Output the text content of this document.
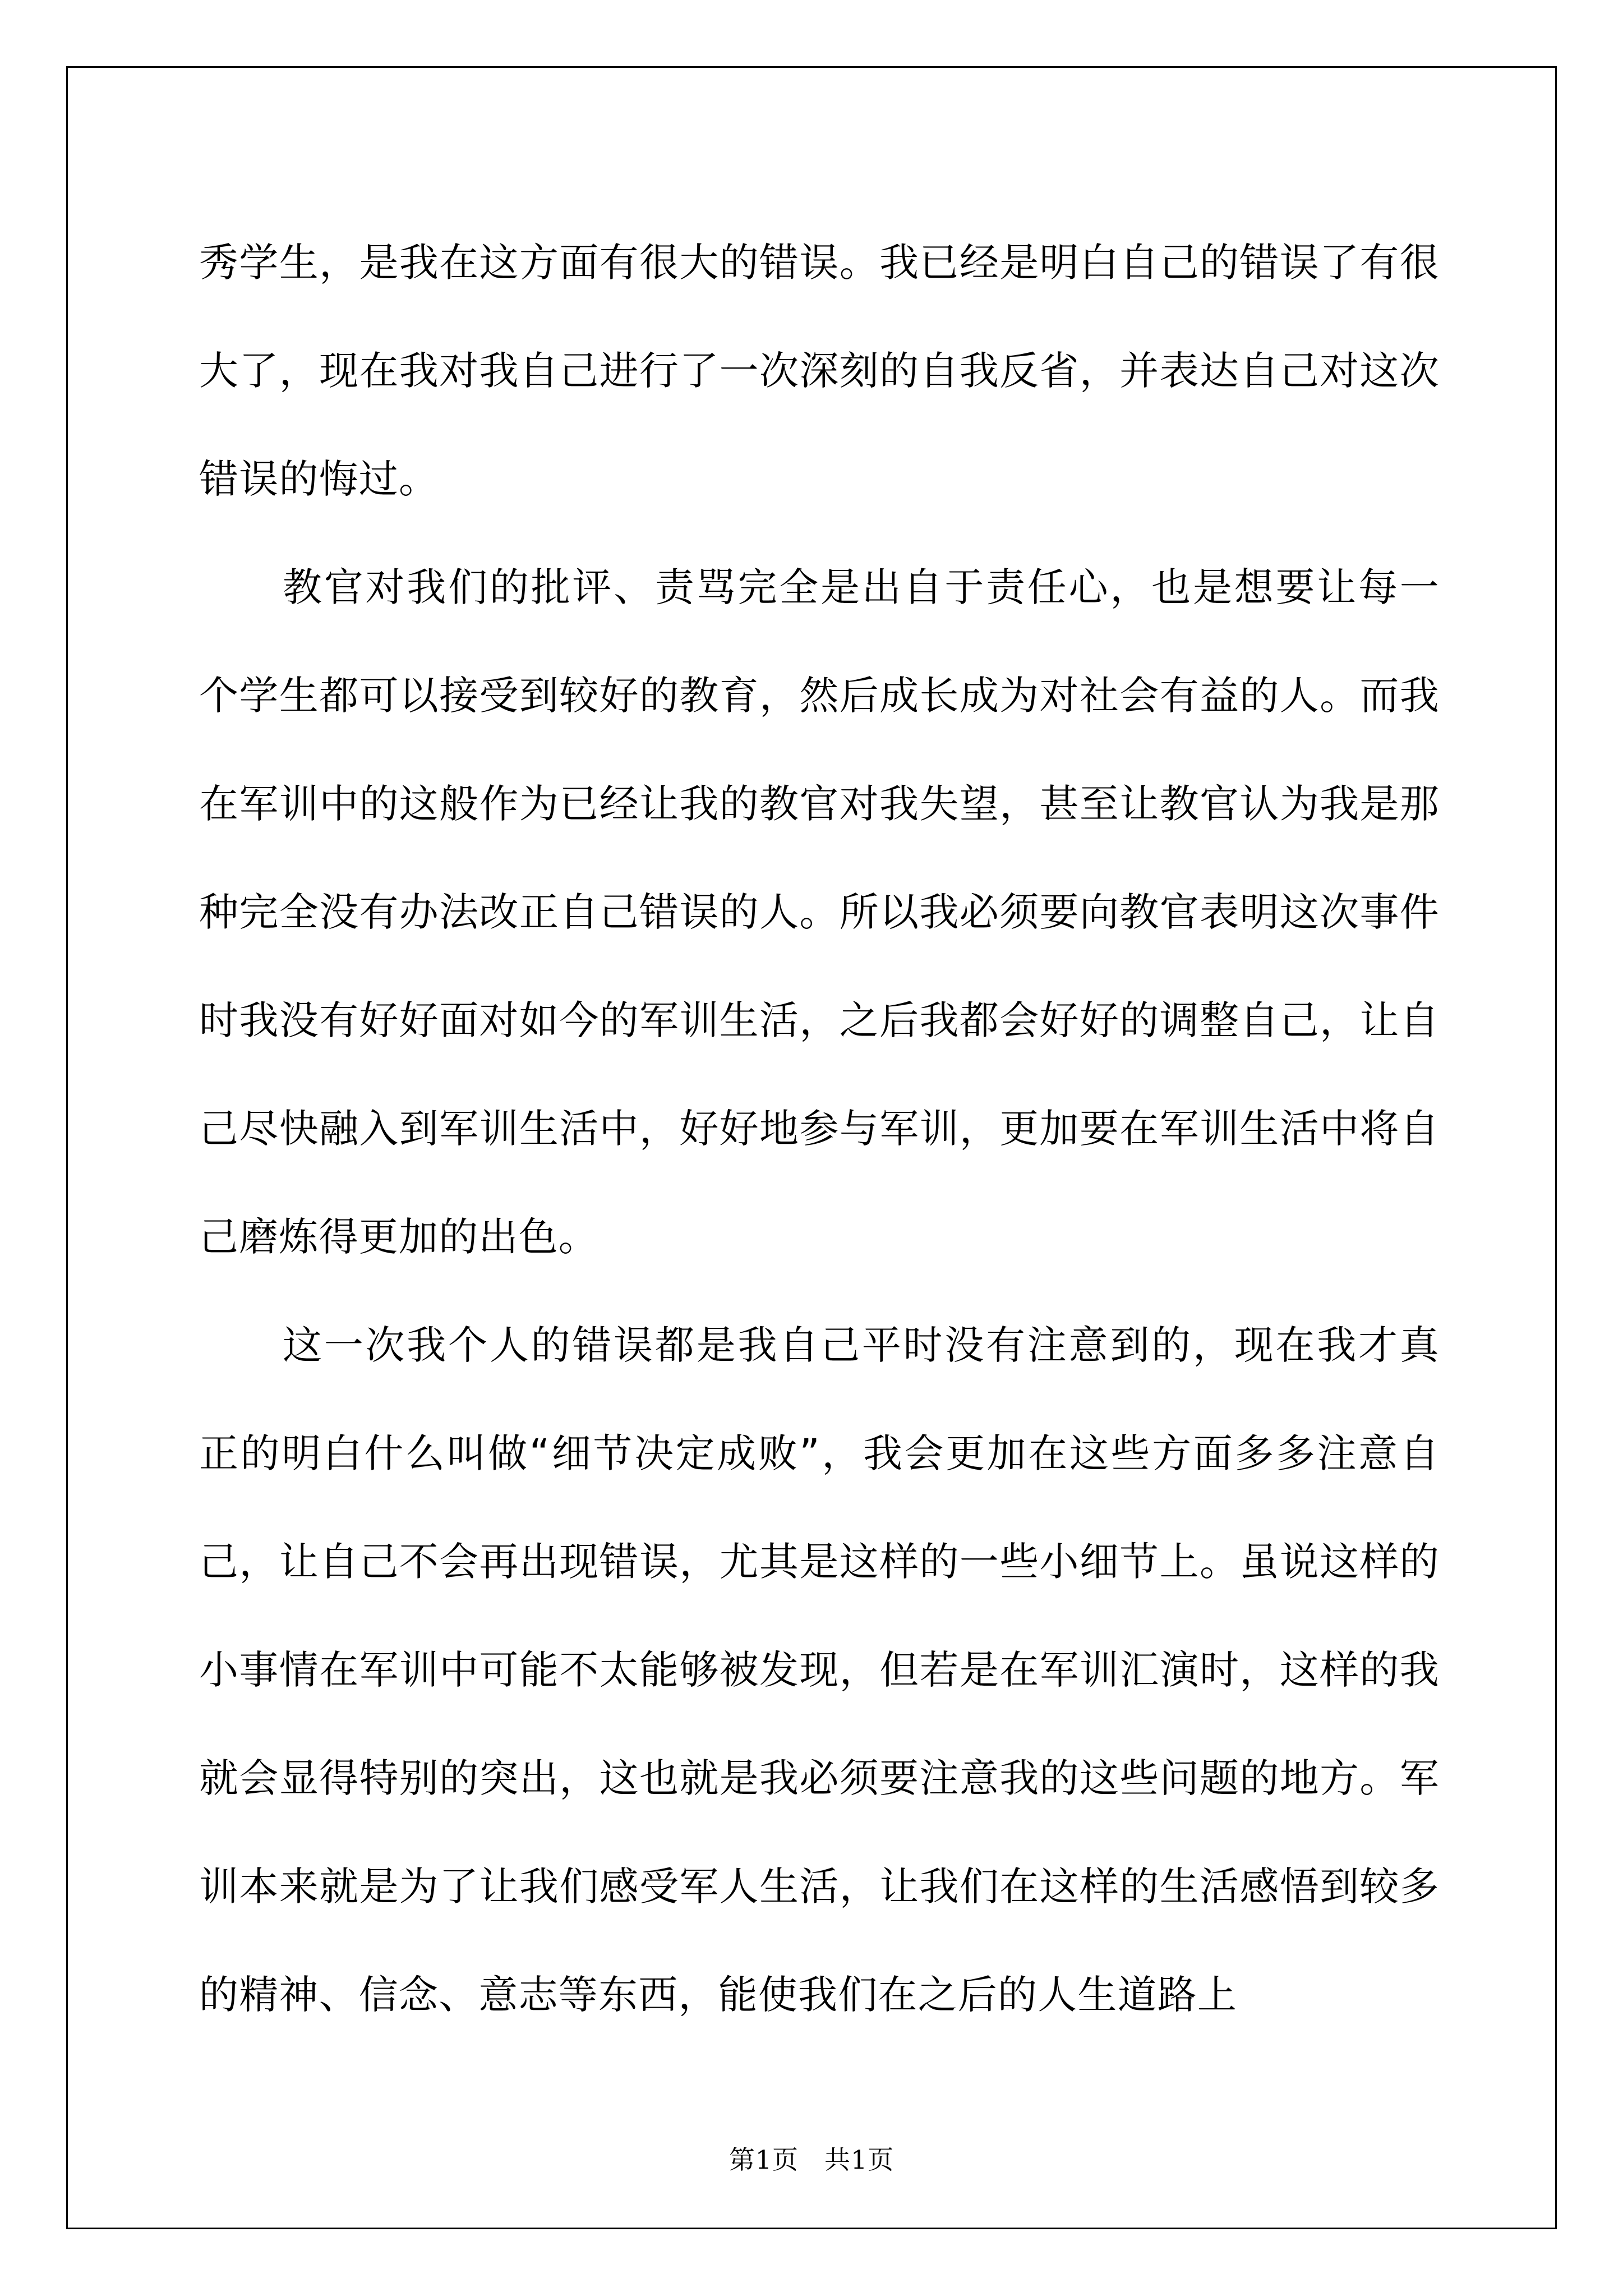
秀学生，是我在这方面有很大的错误。我已经是明白自己的错误了有很大了，现在我对我自己进行了一次深刻的自我反省，并表达自己对这次错误的悔过。

教官对我们的批评、责骂完全是出自于责任心，也是想要让每一个学生都可以接受到较好的教育，然后成长成为对社会有益的人。而我在军训中的这般作为已经让我的教官对我失望，甚至让教官认为我是那种完全没有办法改正自己错误的人。所以我必须要向教官表明这次事件时我没有好好面对如今的军训生活，之后我都会好好的调整自己，让自己尽快融入到军训生活中，好好地参与军训，更加要在军训生活中将自己磨炼得更加的出色。

这一次我个人的错误都是我自己平时没有注意到的，现在我才真正的明白什么叫做“细节决定成败”，我会更加在这些方面多多注意自己，让自己不会再出现错误，尤其是这样的一些小细节上。虽说这样的小事情在军训中可能不太能够被发现，但若是在军训汇演时，这样的我就会显得特别的突出，这也就是我必须要注意我的这些问题的地方。军训本来就是为了让我们感受军人生活，让我们在这样的生活感悟到较多的精神、信念、意志等东西，能使我们在之后的人生道路上

第1页 共1页
